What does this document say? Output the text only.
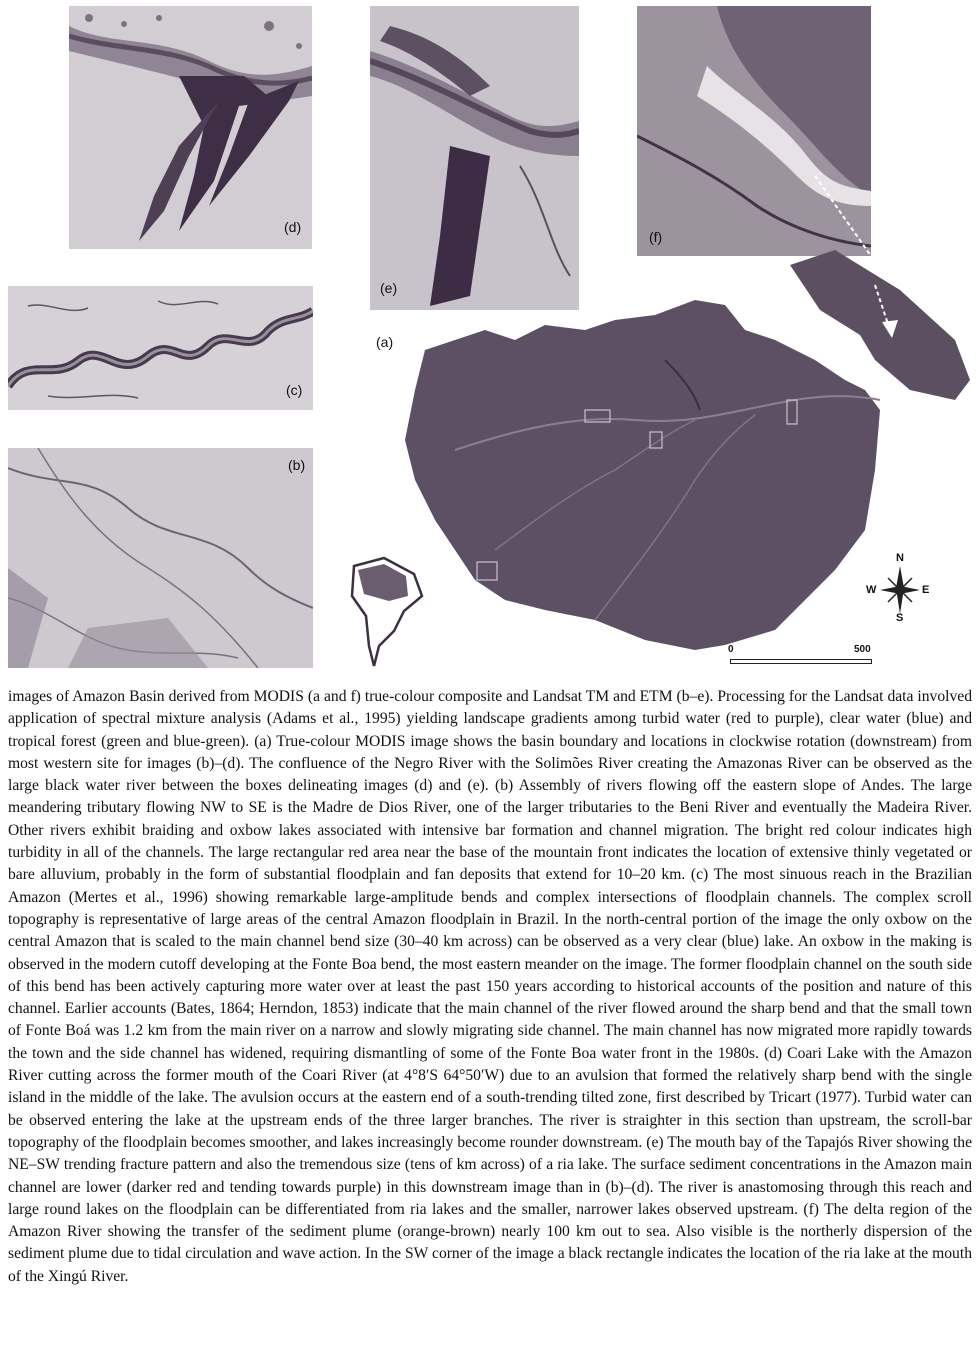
(d)
(e)
(f)
(c)
(b)
(a)
N
S
W	E
0	500

images of Amazon Basin derived from MODIS (a and f) true-colour composite and Landsat TM and ETM (b–e). Processing for the Landsat data involved application of spectral mixture analysis (Adams et al., 1995) yielding landscape gradients among turbid water (red to purple), clear water (blue) and tropical forest (green and blue-green). (a) True-colour MODIS image shows the basin boundary and locations in clockwise rotation (downstream) from most western site for images (b)–(d). The confluence of the Negro River with the Solimões River creating the Amazonas River can be observed as the large black water river between the boxes delineating images (d) and (e). (b) Assembly of rivers flowing off the eastern slope of Andes. The large meandering tributary flowing NW to SE is the Madre de Dios River, one of the larger tributaries to the Beni River and eventually the Madeira River. Other rivers exhibit braiding and oxbow lakes associated with intensive bar formation and channel migration. The bright red colour indicates high turbidity in all of the channels. The large rectangular red area near the base of the mountain front indicates the location of extensive thinly vegetated or bare alluvium, probably in the form of substantial floodplain and fan deposits that extend for 10–20 km. (c) The most sinuous reach in the Brazilian Amazon (Mertes et al., 1996) showing remarkable large-amplitude bends and complex intersections of floodplain channels. The complex scroll topography is representative of large areas of the central Amazon floodplain in Brazil. In the north-central portion of the image the only oxbow on the central Amazon that is scaled to the main channel bend size (30–40 km across) can be observed as a very clear (blue) lake. An oxbow in the making is observed in the modern cutoff developing at the Fonte Boa bend, the most eastern meander on the image. The former floodplain channel on the south side of this bend has been actively capturing more water over at least the past 150 years according to historical accounts of the position and nature of this channel. Earlier accounts (Bates, 1864; Herndon, 1853) indicate that the main channel of the river flowed around the sharp bend and that the small town of Fonte Boá was 1.2 km from the main river on a narrow and slowly migrating side channel. The main channel has now migrated more rapidly towards the town and the side channel has widened, requiring dismantling of some of the Fonte Boa water front in the 1980s. (d) Coari Lake with the Amazon River cutting across the former mouth of the Coari River (at 4°8′S 64°50′W) due to an avulsion that formed the relatively sharp bend with the single island in the middle of the lake. The avulsion occurs at the eastern end of a south-trending tilted zone, first described by Tricart (1977). Turbid water can be observed entering the lake at the upstream ends of the three larger branches. The river is straighter in this section than upstream, the scroll-bar topography of the floodplain becomes smoother, and lakes increasingly become rounder downstream. (e) The mouth bay of the Tapajós River showing the NE–SW trending fracture pattern and also the tremendous size (tens of km across) of a ria lake. The surface sediment concentrations in the Amazon main channel are lower (darker red and tending towards purple) in this downstream image than in (b)–(d). The river is anastomosing through this reach and large round lakes on the floodplain can be differentiated from ria lakes and the smaller, narrower lakes observed upstream. (f) The delta region of the Amazon River showing the transfer of the sediment plume (orange-brown) nearly 100 km out to sea. Also visible is the northerly dispersion of the sediment plume due to tidal circulation and wave action. In the SW corner of the image a black rectangle indicates the location of the ria lake at the mouth of the Xingú River.
